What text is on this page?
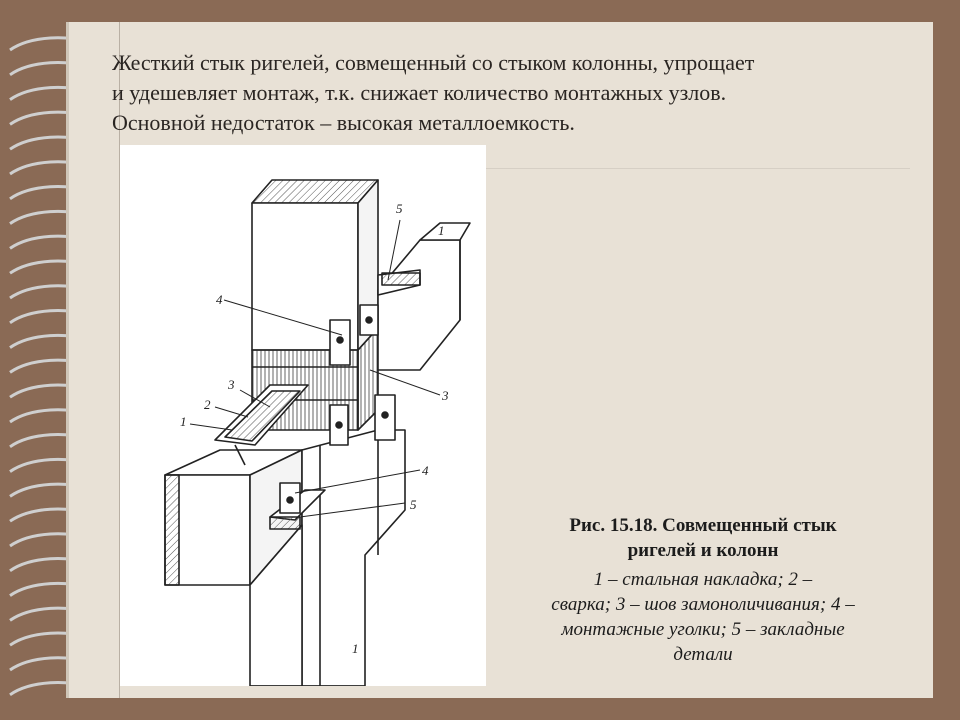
Жесткий стык ригелей, совмещенный со стыком колонны, упрощает

и удешевляет монтаж, т.к. снижает количество монтажных узлов.

Основной недостаток – высокая металлоемкость.

5
1
4
3
3
2
1
4
5
1

Рис. 15.18. Совмещенный стык
ригелей и колонн

1 – стальная накладка; 2 –
сварка; 3 – шов замоноличивания; 4 –
монтажные уголки; 5 – закладные
детали
